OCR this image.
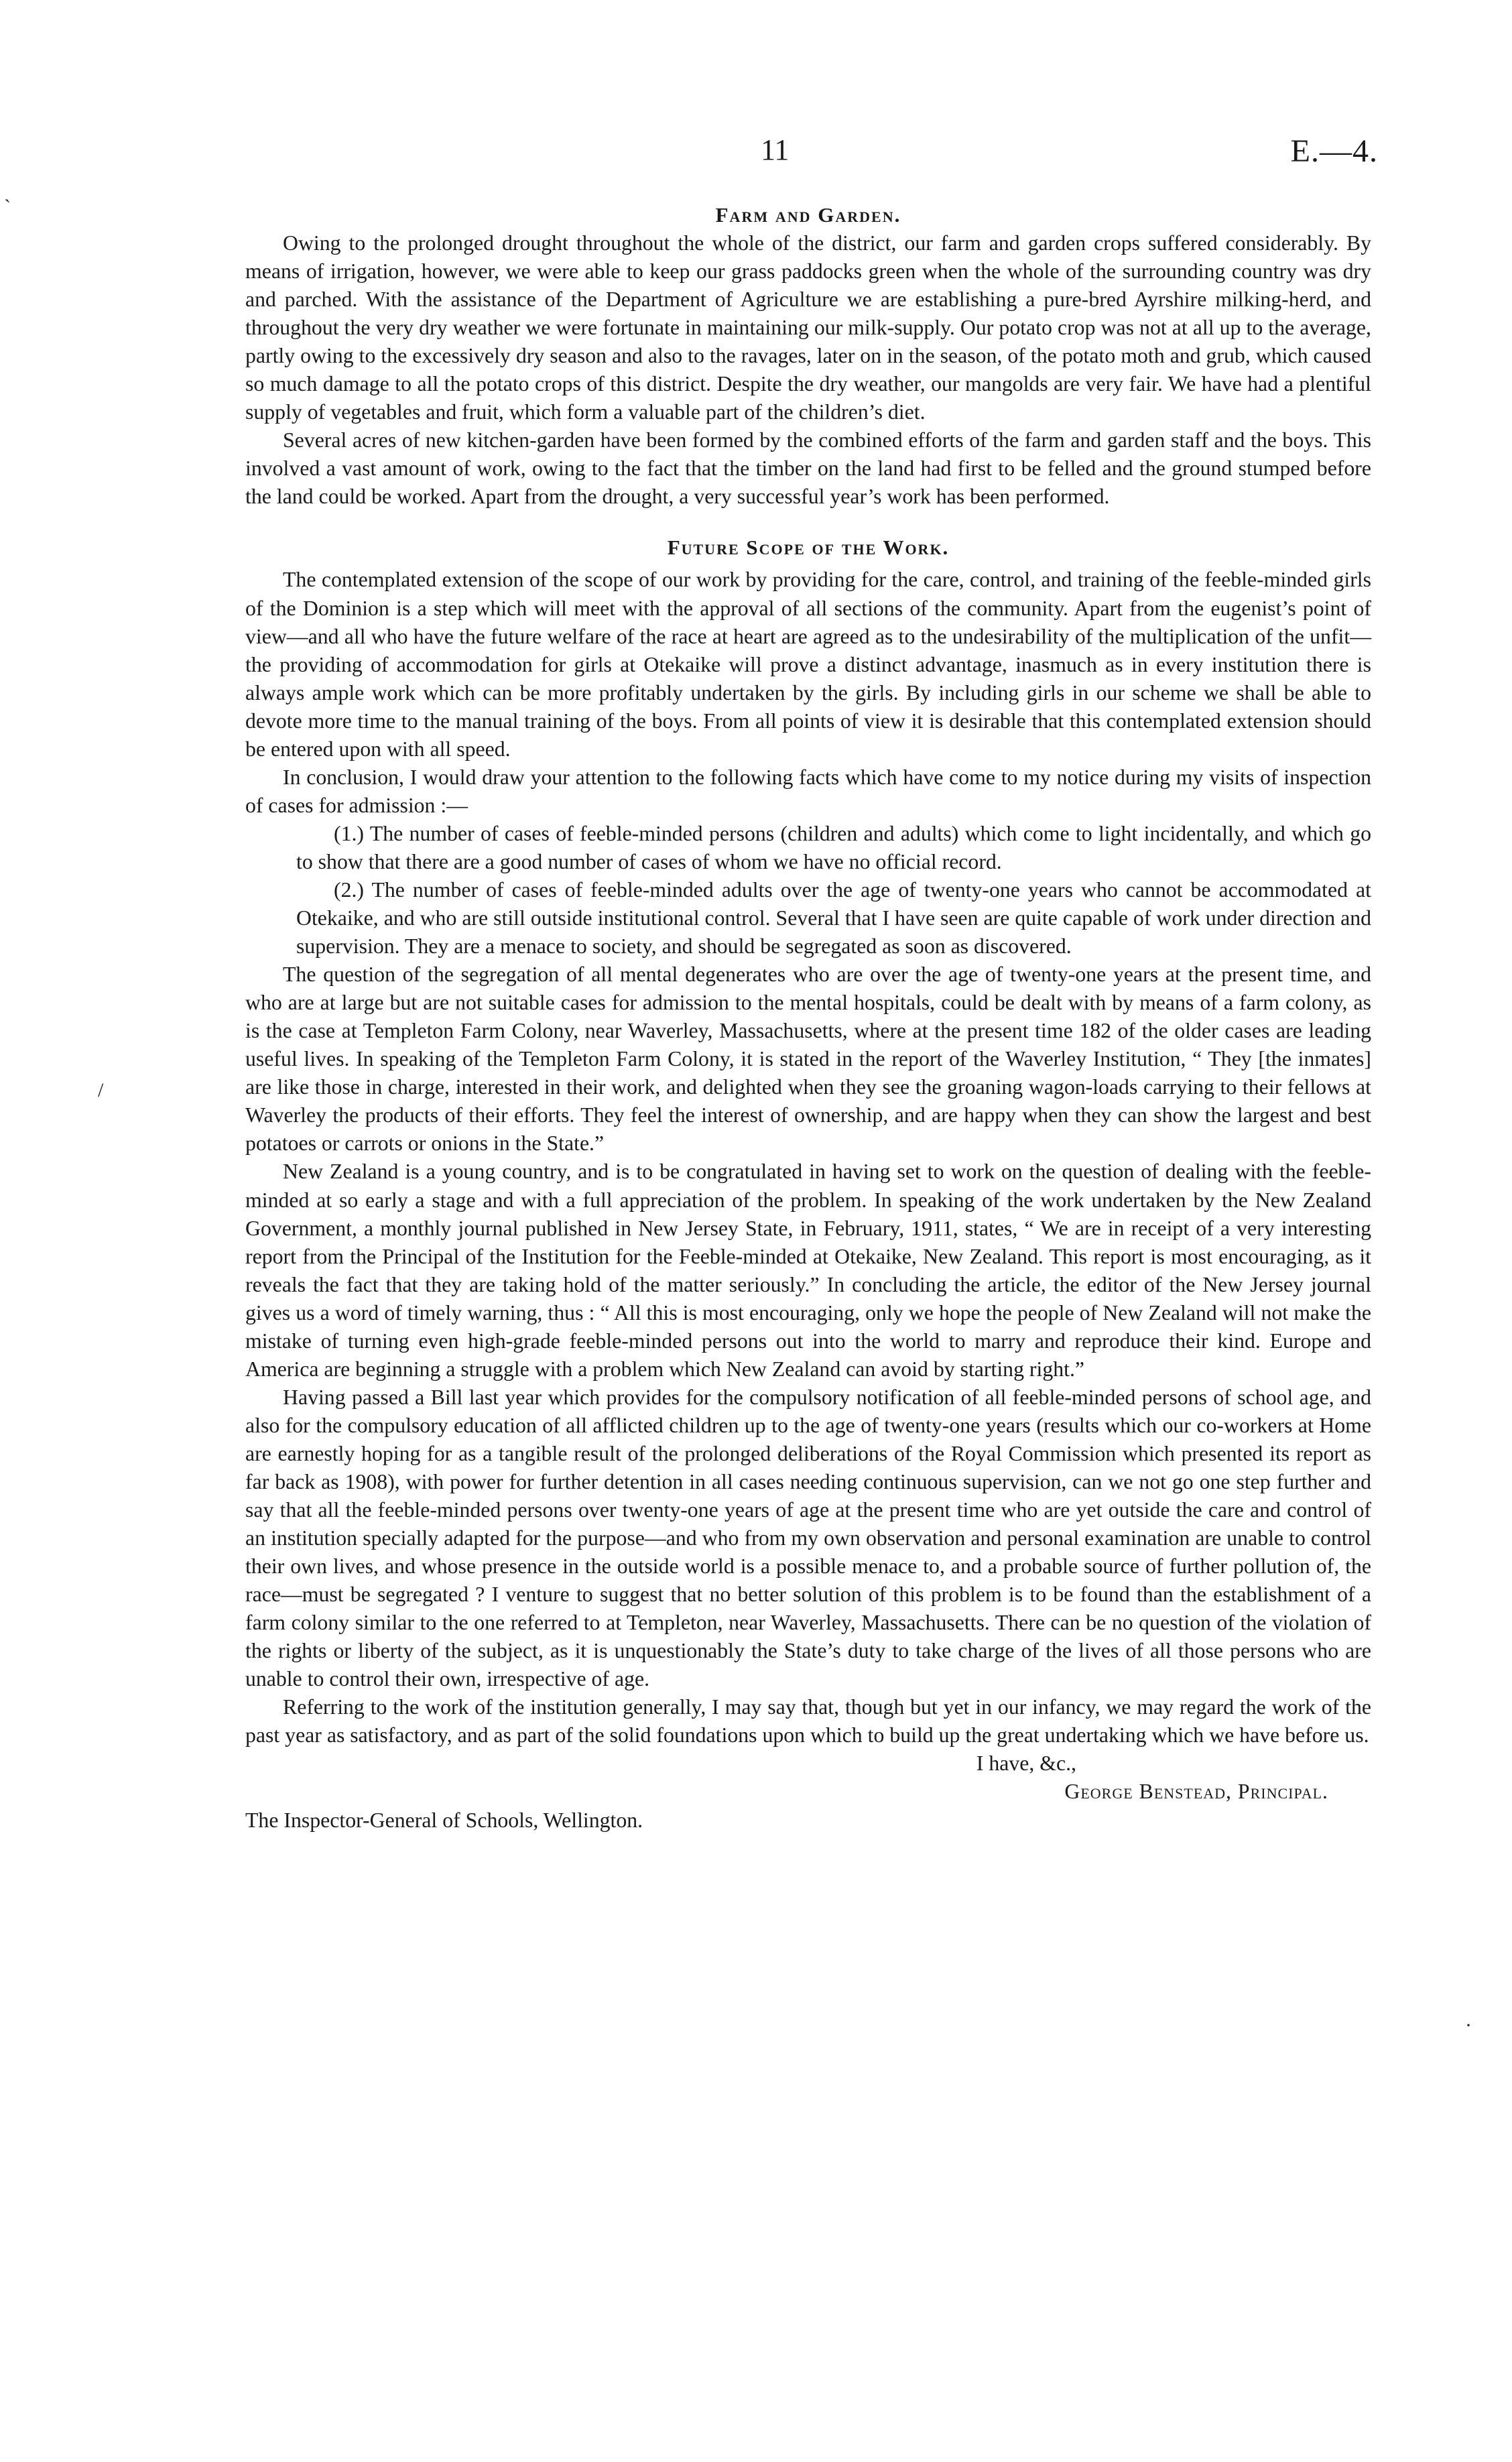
11	E.—4.
`
/
·
Farm and Garden.

Owing to the prolonged drought throughout the whole of the district, our farm and garden crops suffered considerably. By means of irrigation, however, we were able to keep our grass paddocks green when the whole of the surrounding country was dry and parched. With the assistance of the Department of Agriculture we are establishing a pure-bred Ayrshire milking-herd, and throughout the very dry weather we were fortunate in maintaining our milk-supply. Our potato crop was not at all up to the average, partly owing to the excessively dry season and also to the ravages, later on in the season, of the potato moth and grub, which caused so much damage to all the potato crops of this district. Despite the dry weather, our mangolds are very fair. We have had a plentiful supply of vegetables and fruit, which form a valuable part of the children’s diet.

Several acres of new kitchen-garden have been formed by the combined efforts of the farm and garden staff and the boys. This involved a vast amount of work, owing to the fact that the timber on the land had first to be felled and the ground stumped before the land could be worked. Apart from the drought, a very successful year’s work has been performed.

Future Scope of the Work.

The contemplated extension of the scope of our work by providing for the care, control, and training of the feeble-minded girls of the Dominion is a step which will meet with the approval of all sections of the community. Apart from the eugenist’s point of view—and all who have the future welfare of the race at heart are agreed as to the undesirability of the multiplication of the unfit—the providing of accommodation for girls at Otekaike will prove a distinct advantage, inasmuch as in every institution there is always ample work which can be more profitably undertaken by the girls. By including girls in our scheme we shall be able to devote more time to the manual training of the boys. From all points of view it is desirable that this contemplated extension should be entered upon with all speed.

In conclusion, I would draw your attention to the following facts which have come to my notice during my visits of inspection of cases for admission :—

(1.) The number of cases of feeble-minded persons (children and adults) which come to light incidentally, and which go to show that there are a good number of cases of whom we have no official record.

(2.) The number of cases of feeble-minded adults over the age of twenty-one years who cannot be accommodated at Otekaike, and who are still outside institutional control. Several that I have seen are quite capable of work under direction and supervision. They are a menace to society, and should be segregated as soon as discovered.

The question of the segregation of all mental degenerates who are over the age of twenty-one years at the present time, and who are at large but are not suitable cases for admission to the mental hospitals, could be dealt with by means of a farm colony, as is the case at Templeton Farm Colony, near Waverley, Massachusetts, where at the present time 182 of the older cases are leading useful lives. In speaking of the Templeton Farm Colony, it is stated in the report of the Waverley Institution, “ They [the inmates] are like those in charge, interested in their work, and delighted when they see the groaning wagon-loads carrying to their fellows at Waverley the products of their efforts. They feel the interest of ownership, and are happy when they can show the largest and best potatoes or carrots or onions in the State.”

New Zealand is a young country, and is to be congratulated in having set to work on the question of dealing with the feeble-minded at so early a stage and with a full appreciation of the problem. In speaking of the work undertaken by the New Zealand Government, a monthly journal published in New Jersey State, in February, 1911, states, “ We are in receipt of a very interesting report from the Principal of the Institution for the Feeble-minded at Otekaike, New Zealand. This report is most encouraging, as it reveals the fact that they are taking hold of the matter seriously.” In concluding the article, the editor of the New Jersey journal gives us a word of timely warning, thus : “ All this is most encouraging, only we hope the people of New Zealand will not make the mistake of turning even high-grade feeble-minded persons out into the world to marry and reproduce their kind. Europe and America are beginning a struggle with a problem which New Zealand can avoid by starting right.”

Having passed a Bill last year which provides for the compulsory notification of all feeble-minded persons of school age, and also for the compulsory education of all afflicted children up to the age of twenty-one years (results which our co-workers at Home are earnestly hoping for as a tangible result of the prolonged deliberations of the Royal Commission which presented its report as far back as 1908), with power for further detention in all cases needing continuous supervision, can we not go one step further and say that all the feeble-minded persons over twenty-one years of age at the present time who are yet outside the care and control of an institution specially adapted for the purpose—and who from my own observation and personal examination are unable to control their own lives, and whose presence in the outside world is a possible menace to, and a probable source of further pollution of, the race—must be segregated ? I venture to suggest that no better solution of this problem is to be found than the establishment of a farm colony similar to the one referred to at Templeton, near Waverley, Massachusetts. There can be no question of the violation of the rights or liberty of the subject, as it is unquestionably the State’s duty to take charge of the lives of all those persons who are unable to control their own, irrespective of age.

Referring to the work of the institution generally, I may say that, though but yet in our infancy, we may regard the work of the past year as satisfactory, and as part of the solid foundations upon which to build up the great undertaking which we have before us.

I have, &c.,

George Benstead, Principal.

The Inspector-General of Schools, Wellington.
